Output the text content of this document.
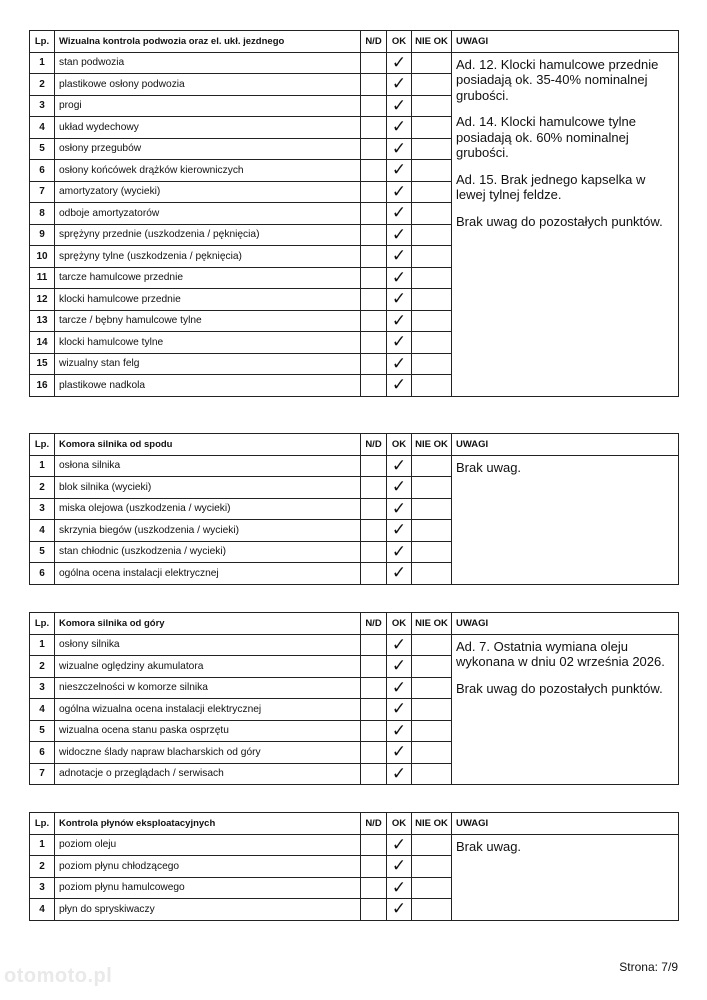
Lp.	Wizualna kontrola podwozia oraz el. ukł. jezdnego	N/D	OK	NIE OK	UWAGI
1	stan podwozia		✓		Ad. 12. Klocki hamulcowe przednie posiadają ok. 35-40% nominalnej grubości.

Ad. 14. Klocki hamulcowe tylne posiadają ok. 60% nominalnej grubości.

Ad. 15. Brak jednego kapselka w lewej tylnej feldze.

Brak uwag do pozostałych punktów.

2	plastikowe osłony podwozia		✓		
3	progi		✓		
4	układ wydechowy		✓		
5	osłony przegubów		✓		
6	osłony końcówek drążków kierowniczych		✓		
7	amortyzatory (wycieki)		✓		
8	odboje amortyzatorów		✓		
9	sprężyny przednie (uszkodzenia / pęknięcia)		✓		
10	sprężyny tylne (uszkodzenia / pęknięcia)		✓		
11	tarcze hamulcowe przednie		✓		
12	klocki hamulcowe przednie		✓		
13	tarcze / bębny hamulcowe tylne		✓		
14	klocki hamulcowe tylne		✓		
15	wizualny stan felg		✓		
16	plastikowe nadkola		✓		
Lp.	Komora silnika od spodu	N/D	OK	NIE OK	UWAGI
1	osłona silnika		✓		Brak uwag.

2	blok silnika (wycieki)		✓		
3	miska olejowa (uszkodzenia / wycieki)		✓		
4	skrzynia biegów (uszkodzenia / wycieki)		✓		
5	stan chłodnic (uszkodzenia / wycieki)		✓		
6	ogólna ocena instalacji elektrycznej		✓		
Lp.	Komora silnika od góry	N/D	OK	NIE OK	UWAGI
1	osłony silnika		✓		Ad. 7. Ostatnia wymiana oleju wykonana w dniu 02 września 2026.

Brak uwag do pozostałych punktów.

2	wizualne oględziny akumulatora		✓		
3	nieszczelności w komorze silnika		✓		
4	ogólna wizualna ocena instalacji elektrycznej		✓		
5	wizualna ocena stanu paska osprzętu		✓		
6	widoczne ślady napraw blacharskich od góry		✓		
7	adnotacje o przeglądach / serwisach		✓		
Lp.	Kontrola płynów eksploatacyjnych	N/D	OK	NIE OK	UWAGI
1	poziom oleju		✓		Brak uwag.

2	poziom płynu chłodzącego		✓		
3	poziom płynu hamulcowego		✓		
4	płyn do spryskiwaczy		✓		
Strona: 7/9
otomoto.pl
